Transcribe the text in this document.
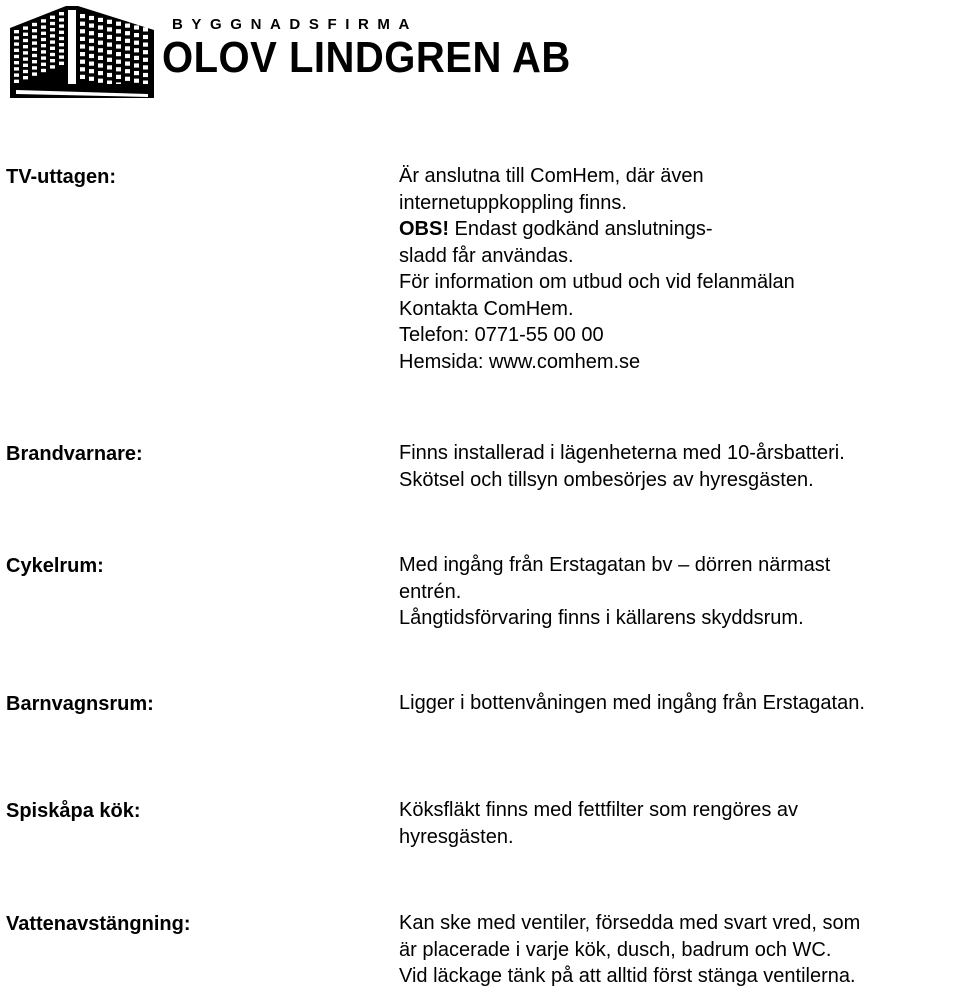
BYGGNADSFIRMA
OLOV LINDGREN AB
TV-uttagen:	Är anslutna till ComHem, där även
internetuppkoppling finns.
OBS! Endast godkänd anslutnings-
sladd får användas.
För information om utbud och vid felanmälan
Kontakta ComHem.
Telefon: 0771-55 00 00
Hemsida: www.comhem.se
Brandvarnare:	Finns installerad i lägenheterna med 10-årsbatteri.
Skötsel och tillsyn ombesörjes av hyresgästen.
Cykelrum:	Med ingång från Erstagatan bv – dörren närmast
entrén.
Långtidsförvaring finns i källarens skyddsrum.
Barnvagnsrum:	Ligger i bottenvåningen med ingång från Erstagatan.
Spiskåpa kök:	Köksfläkt finns med fettfilter som rengöres av
hyresgästen.
Vattenavstängning:	Kan ske med ventiler, försedda med svart vred, som
är placerade i varje kök, dusch, badrum och WC.
Vid läckage tänk på att alltid först stänga ventilerna.
